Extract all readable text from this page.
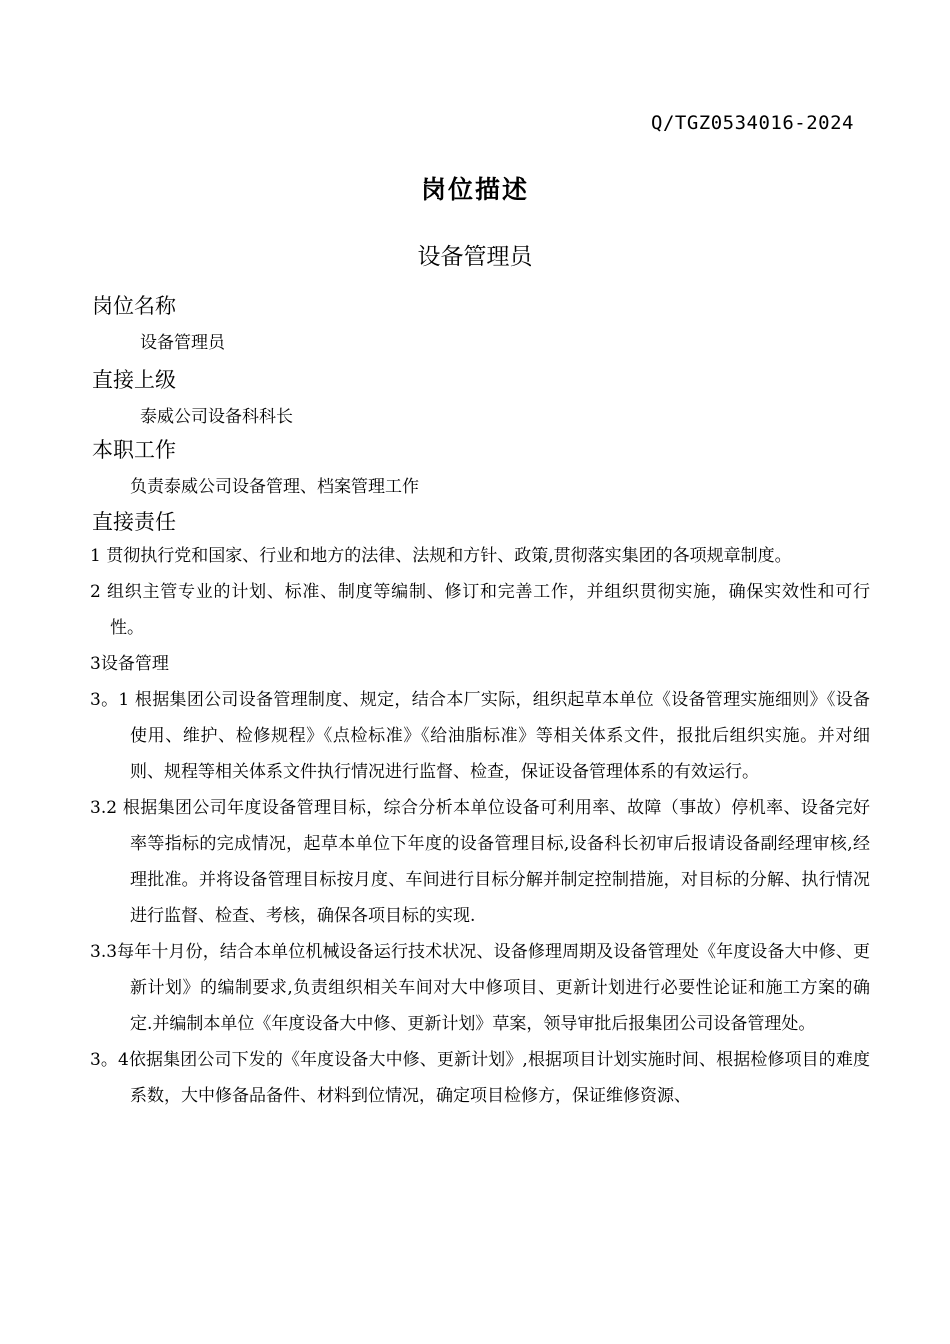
Q/TGZ0534016-2024
岗位描述
设备管理员
岗位名称
设备管理员
直接上级
泰威公司设备科科长
本职工作
负责泰威公司设备管理、档案管理工作
直接责任

1 贯彻执行党和国家、行业和地方的法律、法规和方针、政策,贯彻落实集团的各项规章制度。

2 组织主管专业的计划、标准、制度等编制、修订和完善工作，并组织贯彻实施，确保实效性和可行性。

3设备管理

3。1 根据集团公司设备管理制度、规定，结合本厂实际，组织起草本单位《设备管理实施细则》《设备使用、维护、检修规程》《点检标准》《给油脂标准》等相关体系文件，报批后组织实施。并对细则、规程等相关体系文件执行情况进行监督、检查，保证设备管理体系的有效运行。

3.2 根据集团公司年度设备管理目标，综合分析本单位设备可利用率、故障（事故）停机率、设备完好率等指标的完成情况，起草本单位下年度的设备管理目标,设备科长初审后报请设备副经理审核,经理批准。并将设备管理目标按月度、车间进行目标分解并制定控制措施，对目标的分解、执行情况进行监督、检查、考核，确保各项目标的实现.

3.3每年十月份，结合本单位机械设备运行技术状况、设备修理周期及设备管理处《年度设备大中修、更新计划》的编制要求,负责组织相关车间对大中修项目、更新计划进行必要性论证和施工方案的确定.并编制本单位《年度设备大中修、更新计划》草案，领导审批后报集团公司设备管理处。

3。4依据集团公司下发的《年度设备大中修、更新计划》,根据项目计划实施时间、根据检修项目的难度系数，大中修备品备件、材料到位情况，确定项目检修方，保证维修资源、
